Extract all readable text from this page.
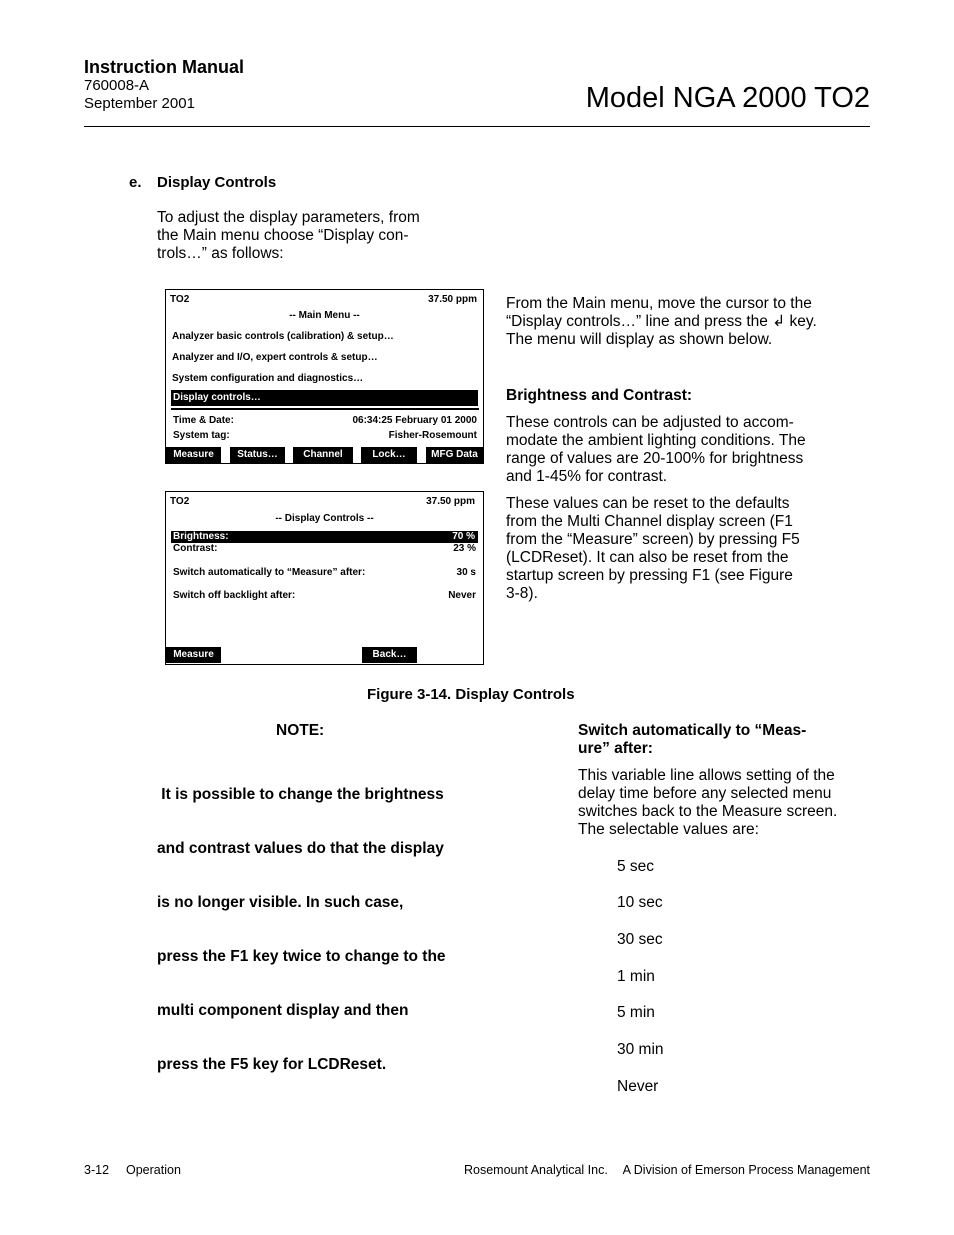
Instruction Manual
760008-A
September 2001	Model NGA 2000 TO2
e. Display Controls
To adjust the display parameters, from
the Main menu choose “Display con-
trols…” as follows:
TO2	37.50 ppm
-- Main Menu --
Analyzer basic controls (calibration) & setup…
Analyzer and I/O, expert controls & setup…
System configuration and diagnostics…
Display controls…
Time & Date:	06:34:25 February 01 2000
System tag:	Fisher-Rosemount
Measure	Status…	Channel	Lock…	MFG Data
TO2	37.50 ppm
-- Display Controls --
Brightness:	70 %
Contrast:	23 %
Switch automatically to “Measure” after:	30 s
Switch off backlight after:	Never
Measure	Back…
From the Main menu, move the cursor to the
“Display controls…” line and press the ↲ key.
The menu will display as shown below.
Brightness and Contrast:
These controls can be adjusted to accom-
modate the ambient lighting conditions. The
range of values are 20-100% for brightness
and 1-45% for contrast.
These values can be reset to the defaults
from the Multi Channel display screen (F1
from the “Measure” screen) by pressing F5
(LCDReset). It can also be reset from the
startup screen by pressing F1 (see Figure
3-8).
Figure 3-14. Display Controls
NOTE:

It is possible to change the brightness

and contrast values do that the display

is no longer visible. In such case,

press the F1 key twice to change to the

multi component display and then

press the F5 key for LCDReset.

Switch automatically to “Meas-
ure” after:
This variable line allows setting of the
delay time before any selected menu
switches back to the Measure screen.
The selectable values are:
5 sec
10 sec
30 sec
1 min
5 min
30 min
Never
3-12 Operation	Rosemount Analytical Inc. A Division of Emerson Process Management
